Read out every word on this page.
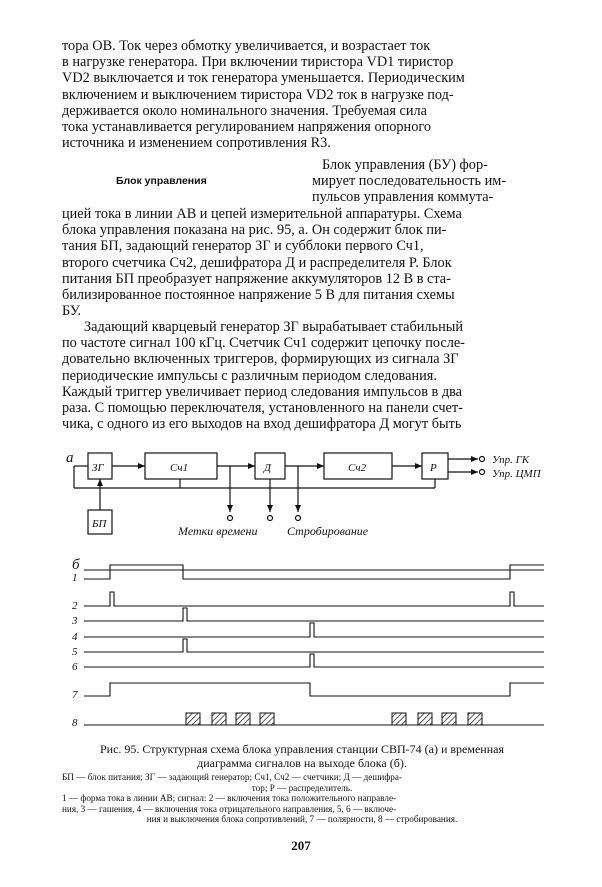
тора OB. Ток через обмотку увеличивается, и возрастает ток
в нагрузке генератора. При включении тиристора VD1 тиристор
VD2 выключается и ток генератора уменьшается. Периодическим
включением и выключением тиристора VD2 ток в нагрузке под-
держивается около номинального значения. Требуемая сила
тока устанавливается регулированием напряжения опорного
источника и изменением сопротивления R3.
Блок управления
Блок управления (БУ) фор-
мирует последовательность им-
пульсов управления коммута-
цией тока в линии AB и цепей измерительной аппаратуры. Схема
блока управления показана на рис. 95, a. Он содержит блок пи-
тания БП, задающий генератор ЗГ и субблоки первого Сч1,
второго счетчика Сч2, дешифратора Д и распределителя P. Блок
питания БП преобразует напряжение аккумуляторов 12 В в ста-
билизированное постоянное напряжение 5 В для питания схемы
БУ.
Задающий кварцевый генератор ЗГ вырабатывает стабильный
по частоте сигнал 100 кГц. Счетчик Сч1 содержит цепочку после-
довательно включенных триггеров, формирующих из сигнала ЗГ
периодические импульсы с различным периодом следования.
Каждый триггер увеличивает период следования импульсов в два
раза. С помощью переключателя, установленного на панели счет-
чика, с одного из его выходов на вход дешифратора Д могут быть
а
ЗГ	Сч1	Д	Сч2	Р
БП
Упр. ГК
Упр. ЦМП
Метки времени Стробирование
б
1
2
3
4
5
6
7
8
Рис. 95. Структурная схема блока управления станции СВП-74 (а) и временная
диаграмма сигналов на выходе блока (б).
БП — блок питания; ЗГ — задающий генератор; Сч1, Сч2 — счетчики; Д — дешифра-
тор; Р — распределитель.
1 — форма тока в линии AB; сигнал: 2 — включения тока положительного направле-
ния, 3 — гашения, 4 — включения тока отрицательного направления, 5, 6 — включе-
ния и выключения блока сопротивлений, 7 — полярности, 8 — стробирования.
207
